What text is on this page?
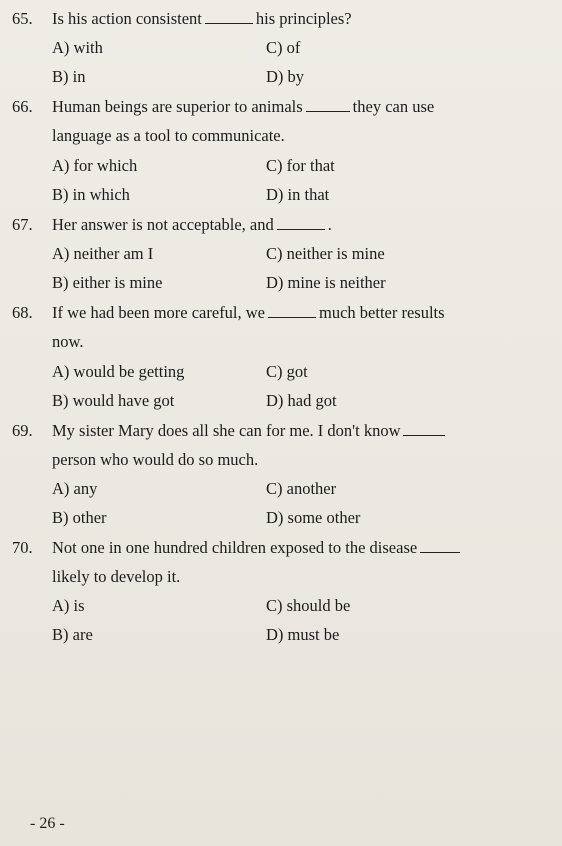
65. Is his action consistent	his principles?
A) with	C) of
B) in	D) by
66. Human beings are superior to animals	they can use
language as a tool to communicate.
A) for which	C) for that
B) in which	D) in that
67. Her answer is not acceptable, and	.
A) neither am I	C) neither is mine
B) either is mine	D) mine is neither
68. If we had been more careful, we	much better results
now.
A) would be getting	C) got
B) would have got	D) had got
69. My sister Mary does all she can for me. I don't know
person who would do so much.
A) any	C) another
B) other	D) some other
70. Not one in one hundred children exposed to the disease
likely to develop it.
A) is	C) should be
B) are	D) must be
- 26 -
